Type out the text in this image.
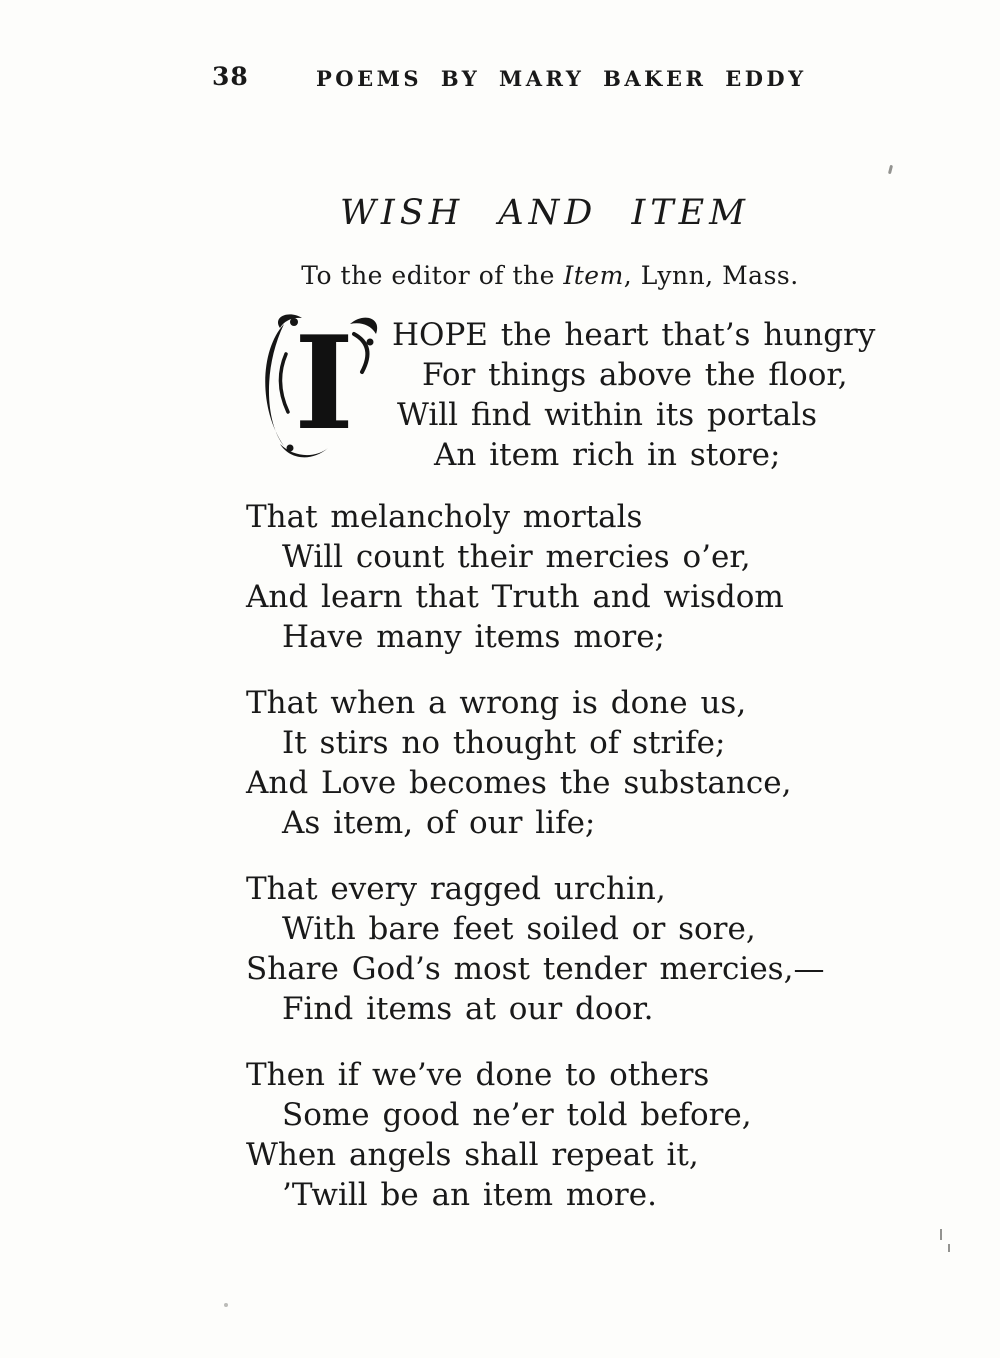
38	POEMS BY MARY BAKER EDDY
WISH AND ITEM

To the editor of the Item, Lynn, Mass.

I HOPE the heart that’s hungry

For things above the floor,

Will find within its portals

An item rich in store;

That melancholy mortals

Will count their mercies o’er,

And learn that Truth and wisdom

Have many items more;

That when a wrong is done us,

It stirs no thought of strife;

And Love becomes the substance,

As item, of our life;

That every ragged urchin,

With bare feet soiled or sore,

Share God’s most tender mercies,—

Find items at our door.

Then if we’ve done to others

Some good ne’er told before,

When angels shall repeat it,

’Twill be an item more.
